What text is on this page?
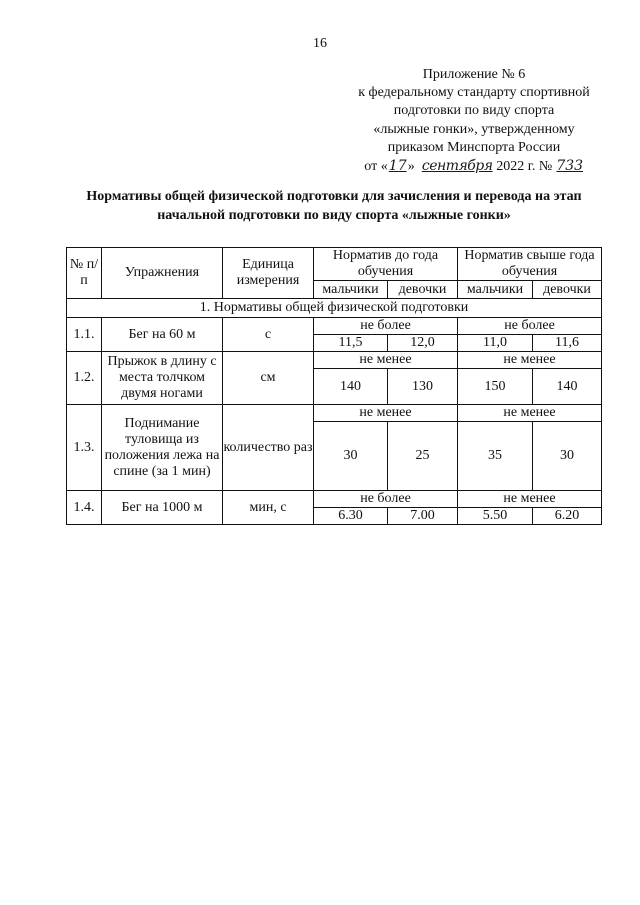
16
Приложение № 6
к федеральному стандарту спортивной
подготовки по виду спорта
«лыжные гонки», утвержденному
приказом Минспорта России
от «17» сентября 2022 г. № 733
Нормативы общей физической подготовки для зачисления и перевода на этап
начальной подготовки по виду спорта «лыжные гонки»
№ п/п	Упражнения	Единица измерения	Норматив до года обучения		Норматив свыше года обучения	
			мальчики	девочки	мальчики	девочки
1. Нормативы общей физической подготовки						
1.1.	Бег на 60 м	с	не более		не более	
			11,5	12,0	11,0	11,6
1.2.	Прыжок в длину с места толчком двумя ногами	см	не менее		не менее	
			140	130	150	140
1.3.	Поднимание туловища из положения лежа на спине (за 1 мин)	количество раз	не менее		не менее	
			30	25	35	30
1.4.	Бег на 1000 м	мин, с	не более		не менее	
			6.30	7.00	5.50	6.20
